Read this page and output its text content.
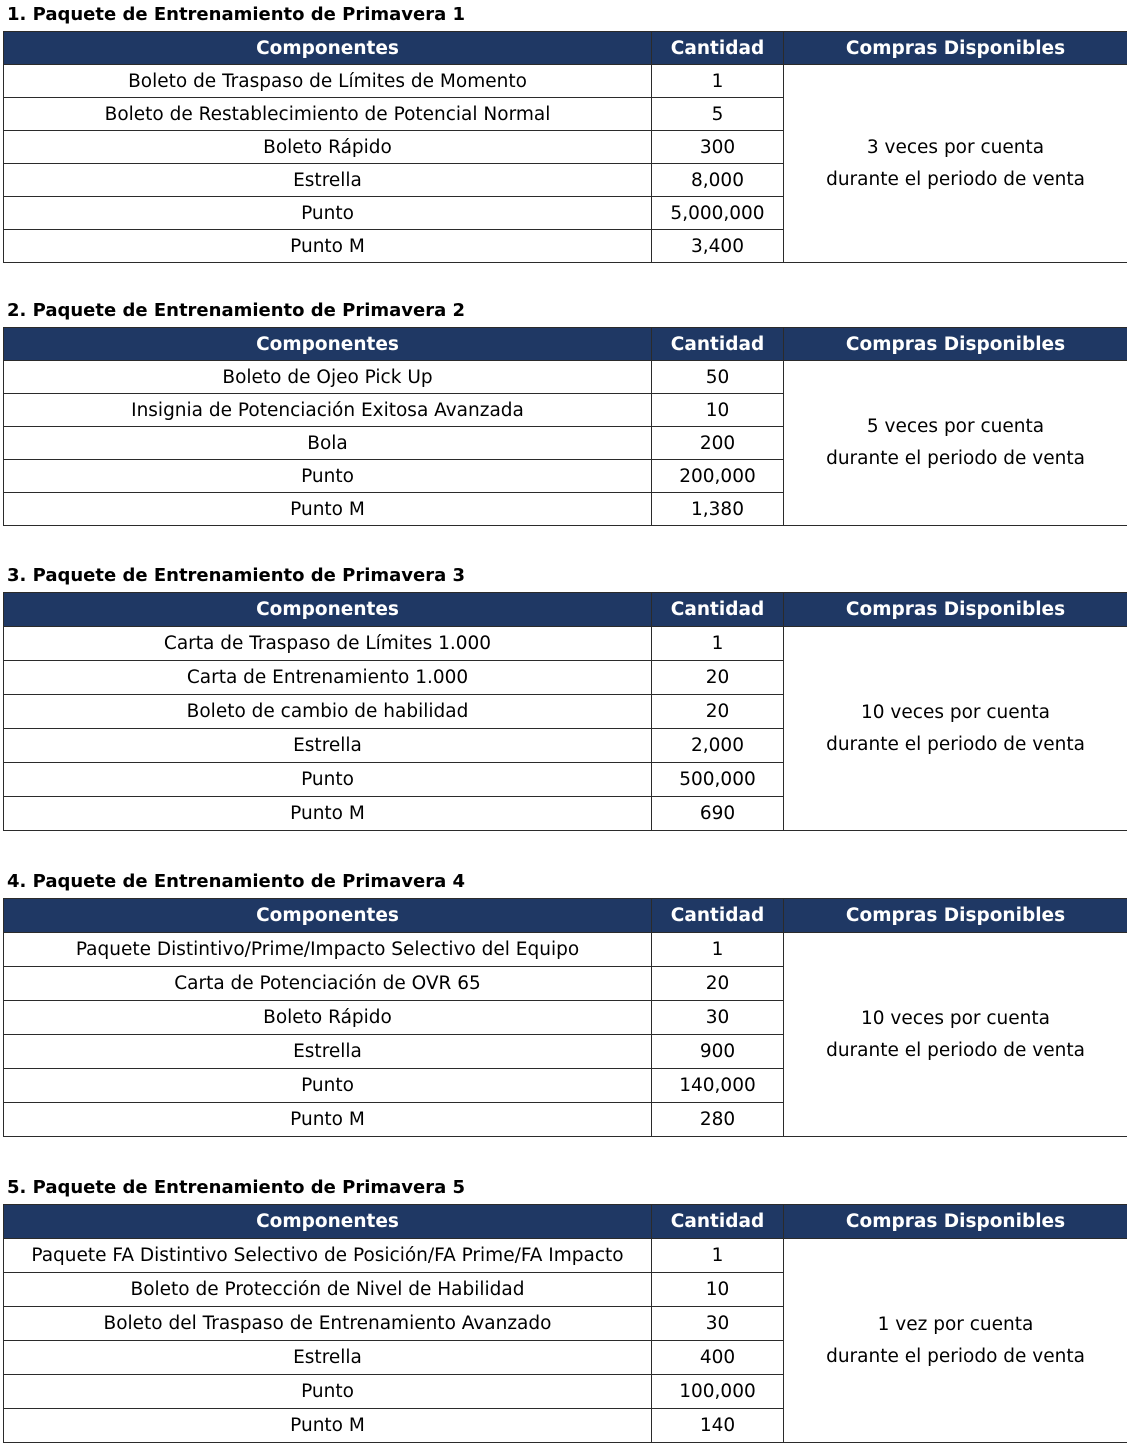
1. Paquete de Entrenamiento de Primavera 1
Componentes	Cantidad	Compras Disponibles
Boleto de Traspaso de Límites de Momento	1	3 veces por cuenta
durante el periodo de venta

Boleto de Restablecimiento de Potencial Normal	5	
Boleto Rápido	300	
Estrella	8,000	
Punto	5,000,000	
Punto M	3,400	
2. Paquete de Entrenamiento de Primavera 2
Componentes	Cantidad	Compras Disponibles
Boleto de Ojeo Pick Up	50	5 veces por cuenta
durante el periodo de venta

Insignia de Potenciación Exitosa Avanzada	10	
Bola	200	
Punto	200,000	
Punto M	1,380	
3. Paquete de Entrenamiento de Primavera 3
Componentes	Cantidad	Compras Disponibles
Carta de Traspaso de Límites 1.000	1	10 veces por cuenta
durante el periodo de venta

Carta de Entrenamiento 1.000	20	
Boleto de cambio de habilidad	20	
Estrella	2,000	
Punto	500,000	
Punto M	690	
4. Paquete de Entrenamiento de Primavera 4
Componentes	Cantidad	Compras Disponibles
Paquete Distintivo/Prime/Impacto Selectivo del Equipo	1	10 veces por cuenta
durante el periodo de venta

Carta de Potenciación de OVR 65	20	
Boleto Rápido	30	
Estrella	900	
Punto	140,000	
Punto M	280	
5. Paquete de Entrenamiento de Primavera 5
Componentes	Cantidad	Compras Disponibles
Paquete FA Distintivo Selectivo de Posición/FA Prime/FA Impacto	1	1 vez por cuenta
durante el periodo de venta

Boleto de Protección de Nivel de Habilidad	10	
Boleto del Traspaso de Entrenamiento Avanzado	30	
Estrella	400	
Punto	100,000	
Punto M	140	
